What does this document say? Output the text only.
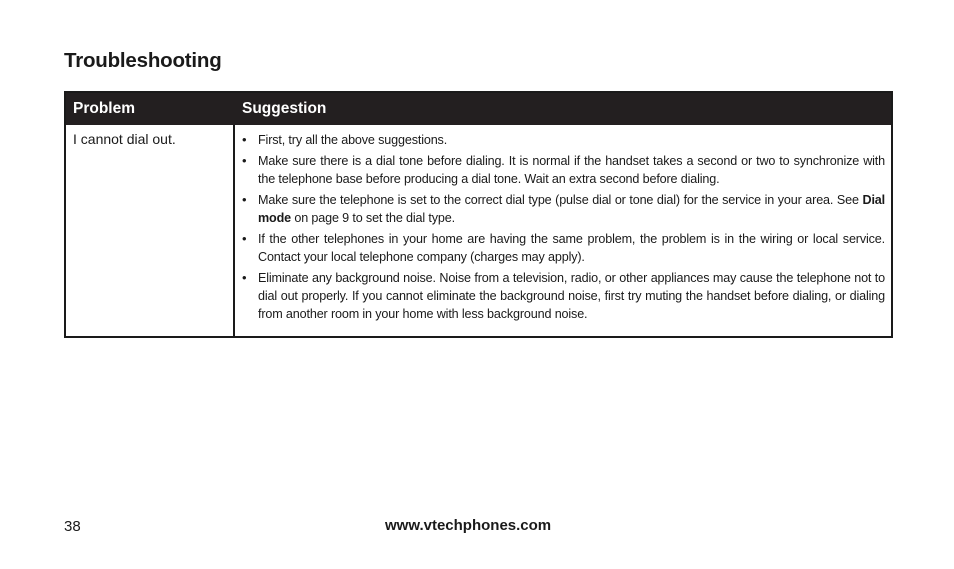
Troubleshooting
Problem	Suggestion
I cannot dial out.	• First, try all the above suggestions.
• Make sure there is a dial tone before dialing. It is normal if the handset takes a second or two to synchronize with the telephone base before producing a dial tone. Wait an extra second before dialing.
• Make sure the telephone is set to the correct dial type (pulse dial or tone dial) for the service in your area. See Dial mode on page 9 to set the dial type.
• If the other telephones in your home are having the same problem, the problem is in the wiring or local service. Contact your local telephone company (charges may apply).
• Eliminate any background noise. Noise from a television, radio, or other appliances may cause the telephone not to dial out properly. If you cannot eliminate the background noise, first try muting the handset before dialing, or dialing from another room in your home with less background noise.
38	www.vtechphones.com
